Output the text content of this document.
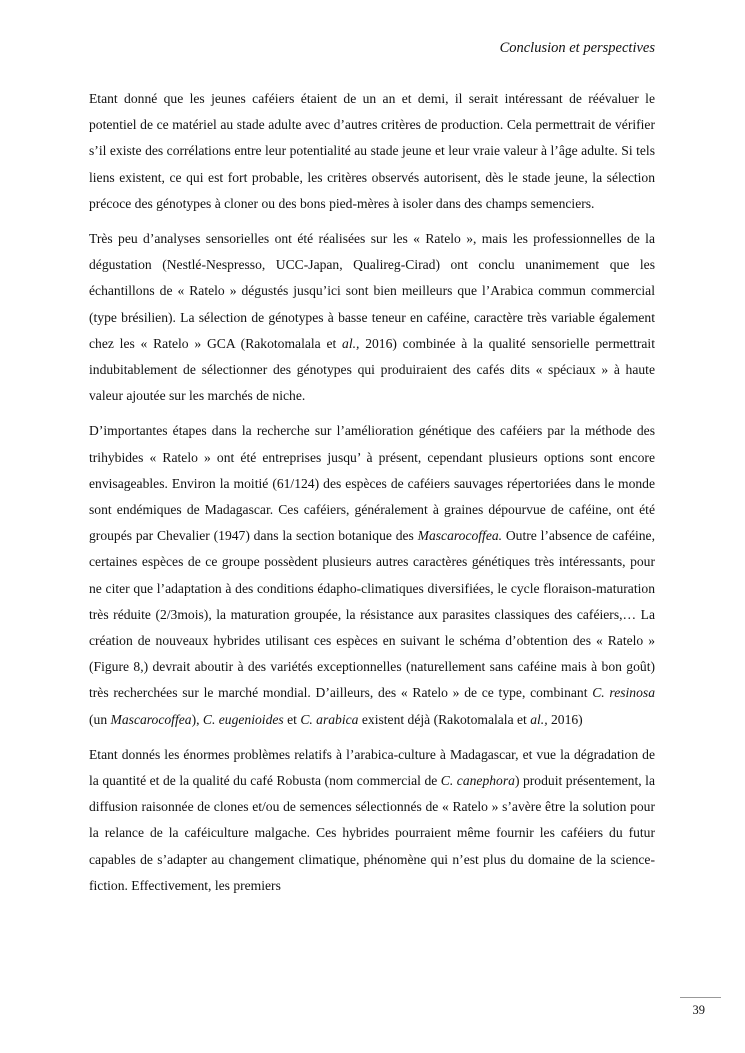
Conclusion et perspectives

Etant donné que les jeunes caféiers étaient de un an et demi, il serait intéressant de réévaluer le potentiel de ce matériel au stade adulte avec d’autres critères de production. Cela permettrait de vérifier s’il existe des corrélations entre leur potentialité au stade jeune et leur vraie valeur à l’âge adulte. Si tels liens existent, ce qui est fort probable, les critères observés autorisent, dès le stade jeune, la sélection précoce des génotypes à cloner ou des bons pied-mères à isoler dans des champs semenciers.

Très peu d’analyses sensorielles ont été réalisées sur les « Ratelo », mais les professionnelles de la dégustation (Nestlé-Nespresso, UCC-Japan, Qualireg-Cirad) ont conclu unanimement que les échantillons de « Ratelo » dégustés jusqu’ici sont bien meilleurs que l’Arabica commun commercial (type brésilien). La sélection de génotypes à basse teneur en caféine, caractère très variable également chez les « Ratelo » GCA (Rakotomalala et al., 2016) combinée à la qualité sensorielle permettrait indubitablement de sélectionner des génotypes qui produiraient des cafés dits « spéciaux » à haute valeur ajoutée sur les marchés de niche.

D’importantes étapes dans la recherche sur l’amélioration génétique des caféiers par la méthode des trihybides « Ratelo » ont été entreprises jusqu’ à présent, cependant plusieurs options sont encore envisageables. Environ la moitié (61/124) des espèces de caféiers sauvages répertoriées dans le monde sont endémiques de Madagascar. Ces caféiers, généralement à graines dépourvue de caféine, ont été groupés par Chevalier (1947) dans la section botanique des Mascarocoffea. Outre l’absence de caféine, certaines espèces de ce groupe possèdent plusieurs autres caractères génétiques très intéressants, pour ne citer que l’adaptation à des conditions édapho-climatiques diversifiées, le cycle floraison-maturation très réduite (2/3mois), la maturation groupée, la résistance aux parasites classiques des caféiers,… La création de nouveaux hybrides utilisant ces espèces en suivant le schéma d’obtention des « Ratelo » (Figure 8,) devrait aboutir à des variétés exceptionnelles (naturellement sans caféine mais à bon goût) très recherchées sur le marché mondial. D’ailleurs, des « Ratelo » de ce type, combinant C. resinosa (un Mascarocoffea), C. eugenioides et C. arabica existent déjà (Rakotomalala et al., 2016)

Etant donnés les énormes problèmes relatifs à l’arabica-culture à Madagascar, et vue la dégradation de la quantité et de la qualité du café Robusta (nom commercial de C. canephora) produit présentement, la diffusion raisonnée de clones et/ou de semences sélectionnés de « Ratelo » s’avère être la solution pour la relance de la caféiculture malgache. Ces hybrides pourraient même fournir les caféiers du futur capables de s’adapter au changement climatique, phénomène qui n’est plus du domaine de la science-fiction. Effectivement, les premiers

39
